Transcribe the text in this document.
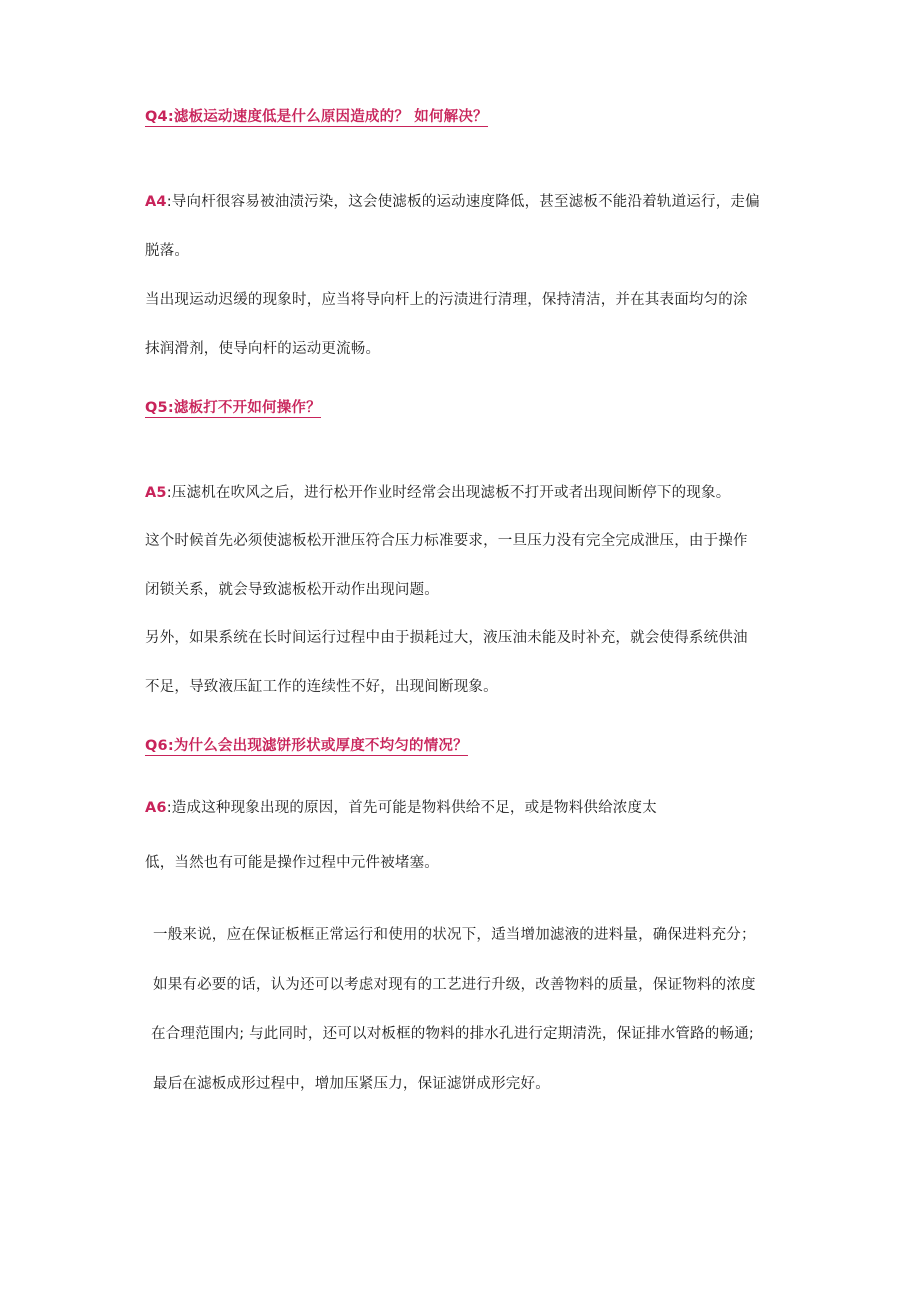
Q4:滤板运动速度低是什么原因造成的？ 如何解决？
A4:导向杆很容易被油渍污染，这会使滤板的运动速度降低，甚至滤板不能沿着轨道运行，走偏
脱落。
当出现运动迟缓的现象时，应当将导向杆上的污渍进行清理，保持清洁，并在其表面均匀的涂
抹润滑剂，使导向杆的运动更流畅。
Q5:滤板打不开如何操作？
A5:压滤机在吹风之后，进行松开作业时经常会出现滤板不打开或者出现间断停下的现象。
这个时候首先必须使滤板松开泄压符合压力标准要求，一旦压力没有完全完成泄压，由于操作
闭锁关系，就会导致滤板松开动作出现问题。
另外，如果系统在长时间运行过程中由于损耗过大，液压油未能及时补充，就会使得系统供油
不足，导致液压缸工作的连续性不好，出现间断现象。
Q6:为什么会出现滤饼形状或厚度不均匀的情况？
A6:造成这种现象出现的原因，首先可能是物料供给不足，或是物料供给浓度太
低，当然也有可能是操作过程中元件被堵塞。
一般来说，应在保证板框正常运行和使用的状况下，适当增加滤液的进料量，确保进料充分；
如果有必要的话，认为还可以考虑对现有的工艺进行升级，改善物料的质量，保证物料的浓度
在合理范围内; 与此同时，还可以对板框的物料的排水孔进行定期清洗，保证排水管路的畅通;
最后在滤板成形过程中，增加压紧压力，保证滤饼成形完好。
